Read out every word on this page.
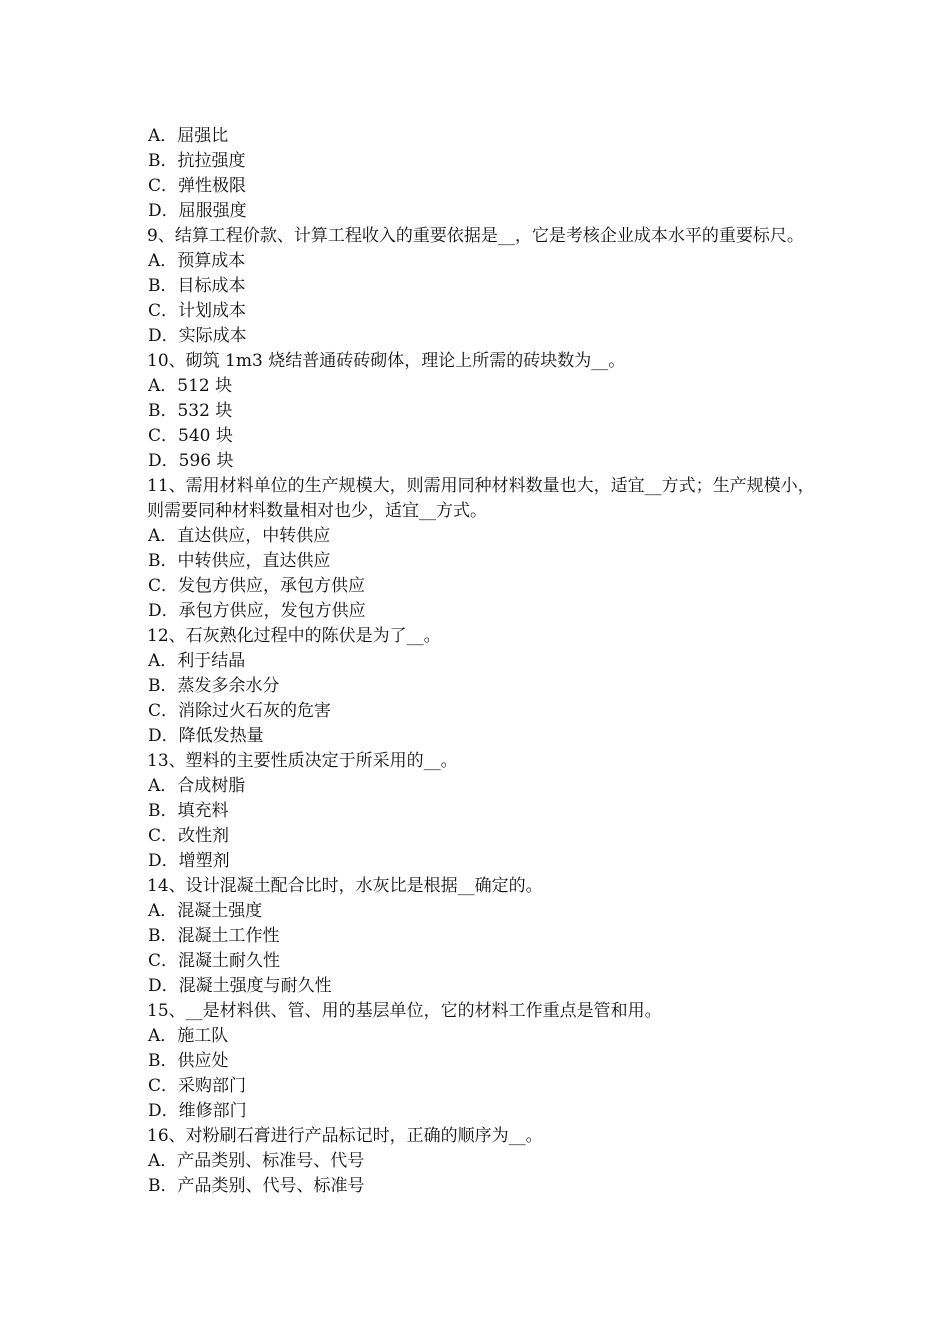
A．屈强比
B．抗拉强度
C．弹性极限
D．屈服强度
9、结算工程价款、计算工程收入的重要依据是__，它是考核企业成本水平的重要标尺。
A．预算成本
B．目标成本
C．计划成本
D．实际成本
10、砌筑 1m3 烧结普通砖砖砌体，理论上所需的砖块数为__。
A．512 块
B．532 块
C．540 块
D．596 块
11、需用材料单位的生产规模大，则需用同种材料数量也大，适宜__方式；生产规模小，则需要同种材料数量相对也少，适宜__方式。
A．直达供应，中转供应
B．中转供应，直达供应
C．发包方供应，承包方供应
D．承包方供应，发包方供应
12、石灰熟化过程中的陈伏是为了__。
A．利于结晶
B．蒸发多余水分
C．消除过火石灰的危害
D．降低发热量
13、塑料的主要性质决定于所采用的__。
A．合成树脂
B．填充料
C．改性剂
D．增塑剂
14、设计混凝土配合比时，水灰比是根据__确定的。
A．混凝土强度
B．混凝土工作性
C．混凝土耐久性
D．混凝土强度与耐久性
15、__是材料供、管、用的基层单位，它的材料工作重点是管和用。
A．施工队
B．供应处
C．采购部门
D．维修部门
16、对粉刷石膏进行产品标记时，正确的顺序为__。
A．产品类别、标准号、代号
B．产品类别、代号、标准号
